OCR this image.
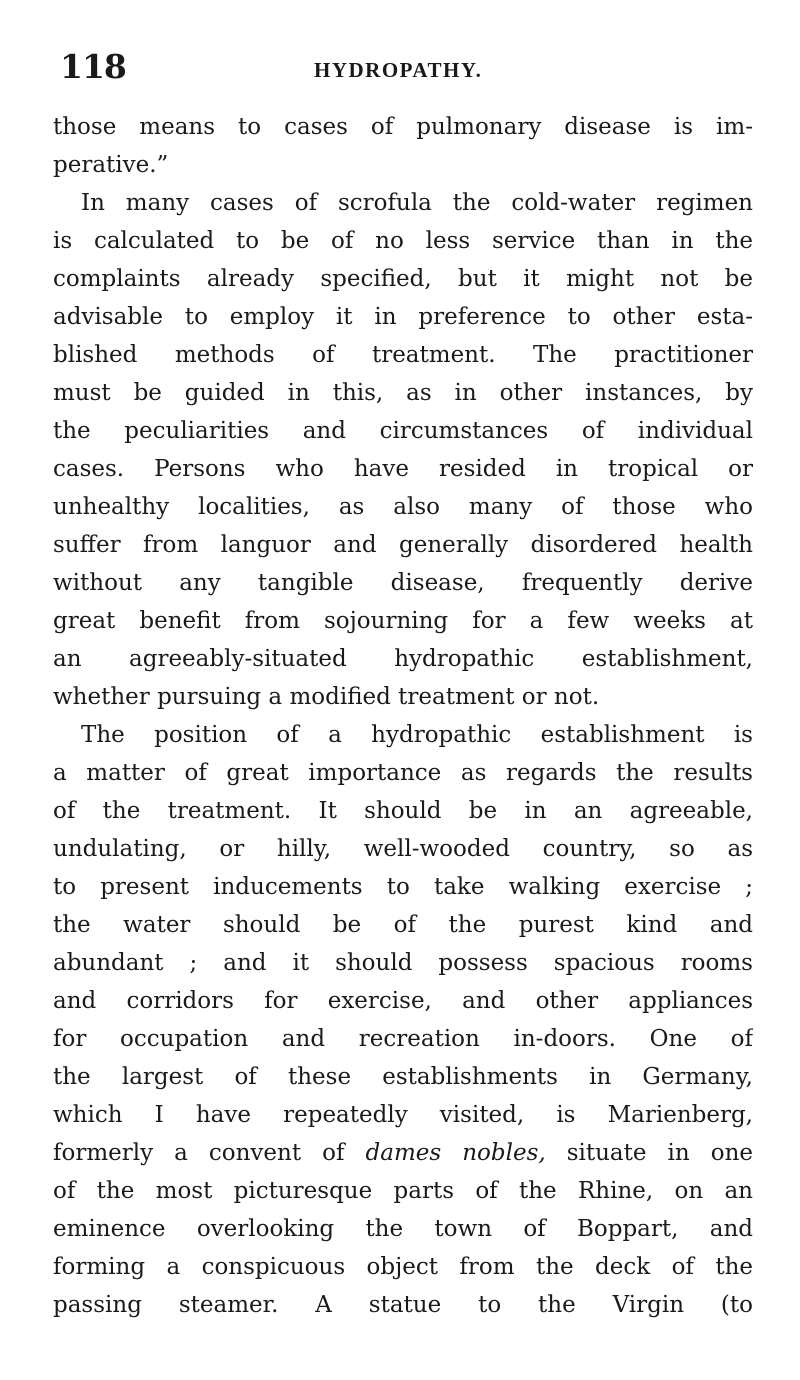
118	HYDROPATHY.
those means to cases of pulmonary disease is im-
perative.”
In many cases of scrofula the cold-water regimen
is calculated to be of no less service than in the
complaints already specified, but it might not be
advisable to employ it in preference to other esta-
blished methods of treatment. The practitioner
must be guided in this, as in other instances, by
the peculiarities and circumstances of individual
cases. Persons who have resided in tropical or
unhealthy localities, as also many of those who
suffer from languor and generally disordered health
without any tangible disease, frequently derive
great benefit from sojourning for a few weeks at
an agreeably-situated hydropathic establishment,
whether pursuing a modified treatment or not.
The position of a hydropathic establishment is
a matter of great importance as regards the results
of the treatment. It should be in an agreeable,
undulating, or hilly, well-wooded country, so as
to present inducements to take walking exercise ;
the water should be of the purest kind and
abundant ; and it should possess spacious rooms
and corridors for exercise, and other appliances
for occupation and recreation in-doors. One of
the largest of these establishments in Germany,
which I have repeatedly visited, is Marienberg,
formerly a convent of dames nobles, situate in one
of the most picturesque parts of the Rhine, on an
eminence overlooking the town of Boppart, and
forming a conspicuous object from the deck of the
passing steamer. A statue to the Virgin (to
